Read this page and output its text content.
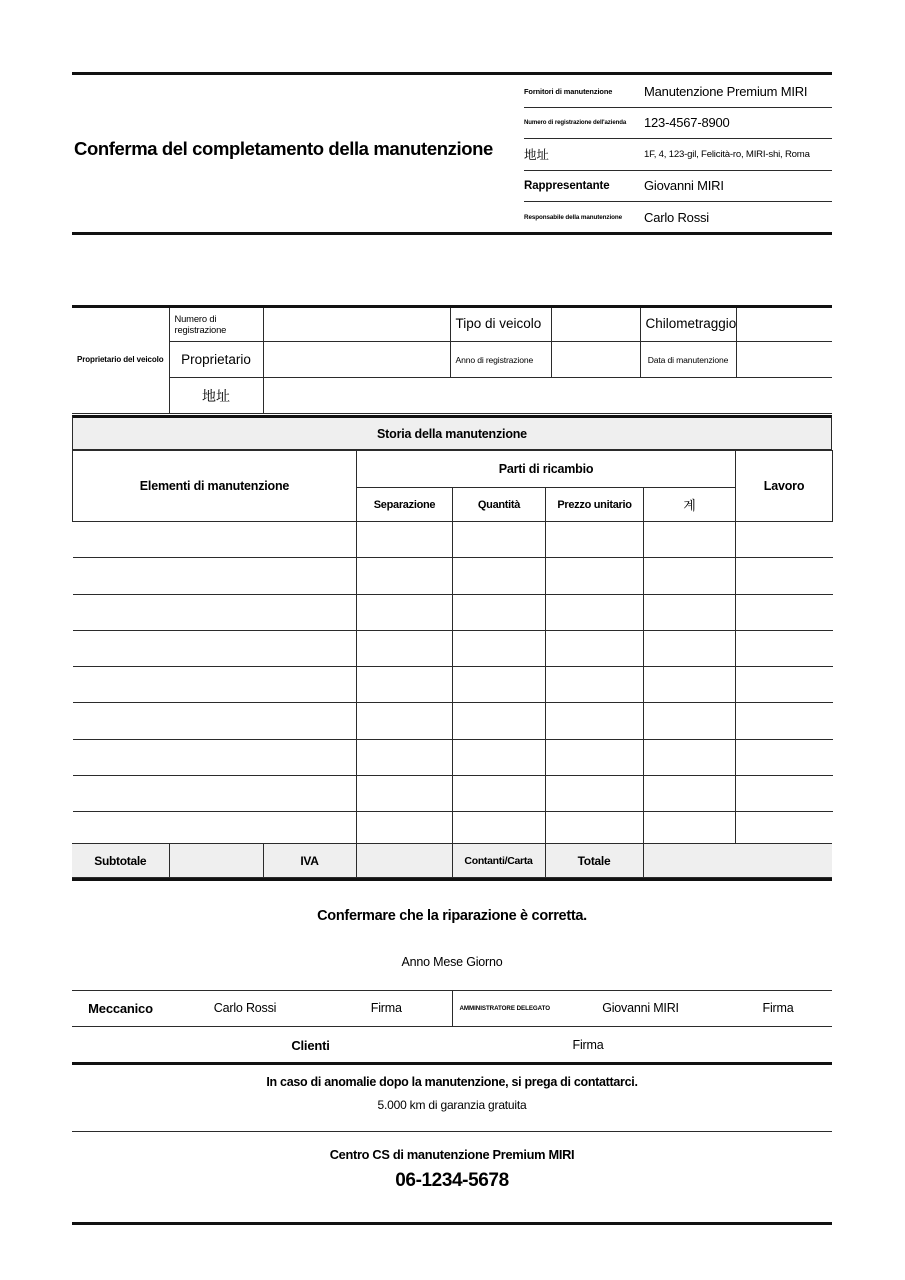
Conferma del completamento della manutenzione
Fornitori di manutenzione	Manutenzione Premium MIRI
Numero di registrazione dell'azienda	123-4567-8900
地址	1F, 4, 123-gil, Felicità-ro, MIRI-shi, Roma
Rappresentante	Giovanni MIRI
Responsabile della manutenzione	Carlo Rossi
Proprietario del veicolo	Numero di registrazione		Tipo di veicolo		Chilometraggio	
	Proprietario		Anno di registrazione		Data di manutenzione	
	地址					
Storia della manutenzione
Elementi di manutenzione	Parti di ricambio				Lavoro
	Separazione	Quantità	Prezzo unitario	계	

Subtotale		IVA		Contanti/Carta	Totale	
Confermare che la riparazione è corretta.
Anno Mese Giorno
Meccanico	Carlo Rossi	Firma	AMMINISTRATORE DELEGATO	Giovanni MIRI	Firma

	Clienti		Firma		
In caso di anomalie dopo la manutenzione, si prega di contattarci.
5.000 km di garanzia gratuita
Centro CS di manutenzione Premium MIRI
06-1234-5678
